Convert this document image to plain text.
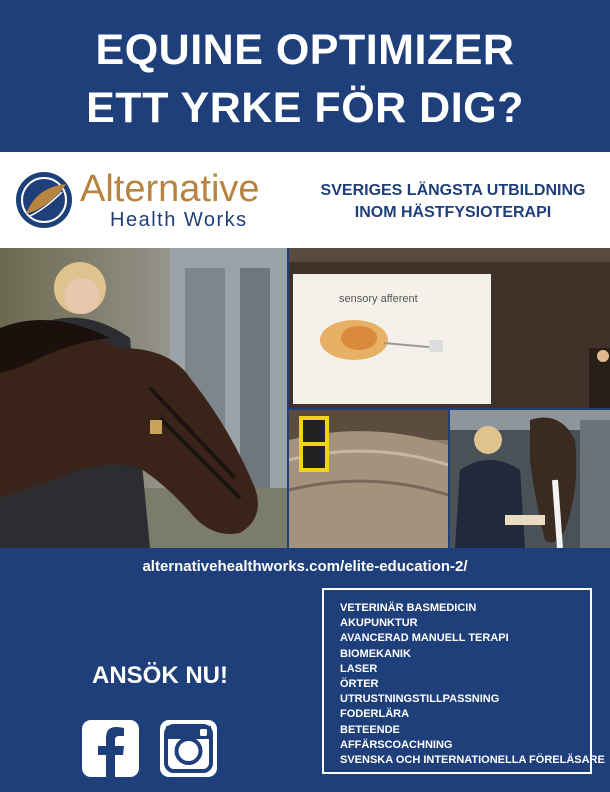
EQUINE OPTIMIZER
ETT YRKE FÖR DIG?
Alternative
Health Works
SVERIGES LÄNGSTA UTBILDNING
INOM HÄSTFYSIOTERAPI
sensory afferent
alternativehealthworks.com/elite-education-2/
ANSÖK NU!
VETERINÄR BASMEDICIN
AKUPUNKTUR
AVANCERAD MANUELL TERAPI
BIOMEKANIK
LASER
ÖRTER
UTRUSTNINGSTILLPASSNING
FODERLÄRA
BETEENDE
AFFÄRSCOACHNING
SVENSKA OCH INTERNATIONELLA FÖRELÄSARE
